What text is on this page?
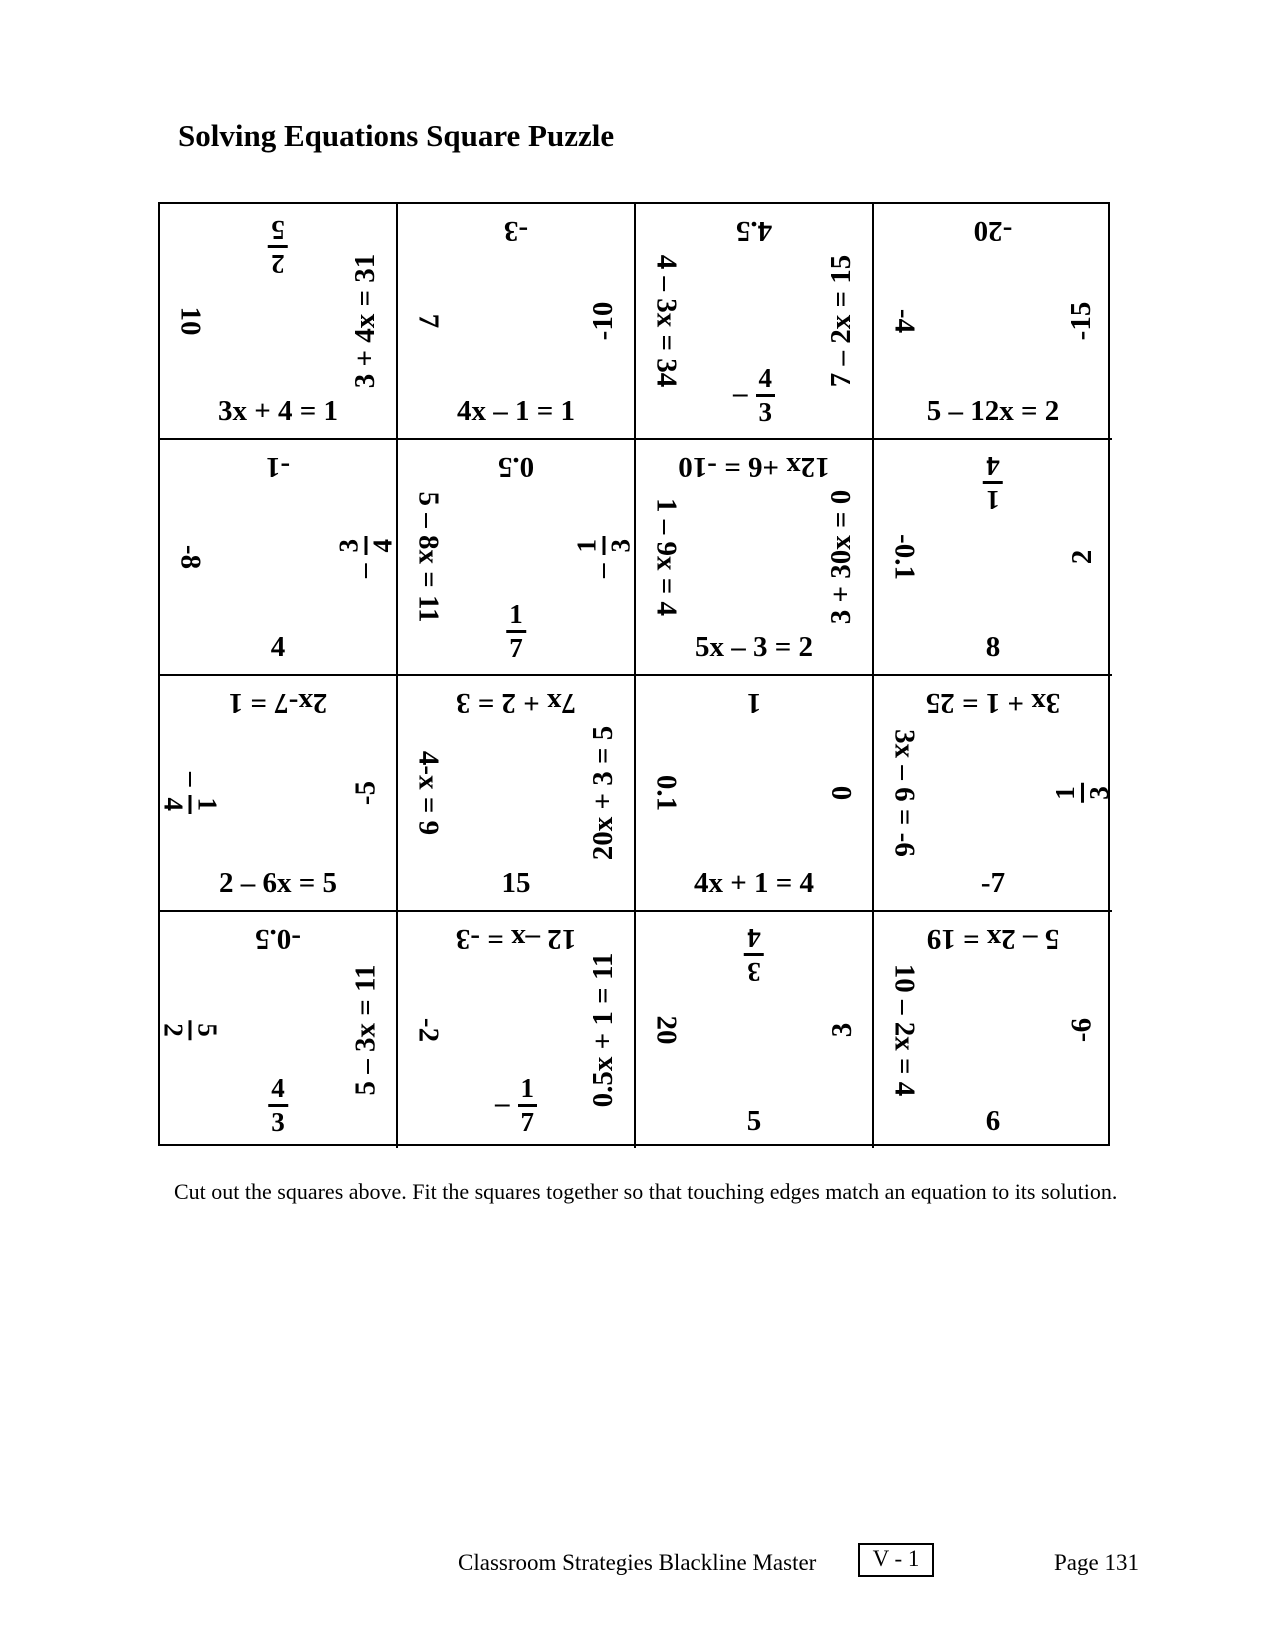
Solving Equations Square Puzzle
3x + 4 = 1
2
5
10	3 + 4x = 31
4x – 1 = 1
-3
7	-10
– $\frac{4}{3}$
4.5
4 – 3x = 34	7 – 2x = 15
5 – 12x = 2
-20
-4	-15
4
-1
-8
–
3 4
$\frac{1}{7}$
0.5
5 – 8x = 11	–
1 3
5x – 3 = 2
12x +6 = -10
1 – 9x = 4	3 + 30x = 0
8
1
4
-0.1	2
2 – 6x = 5
2x-7 = 1
–
1
4	-5
15
7x + 2 = 3
4-x = 9	20x + 3 = 5
4x + 1 = 4
1
0.1	0
-7
3x + 1 = 25
3x – 6 = -6	1 3
$\frac{4}{3}$
-0.5
5
2	5 – 3x = 11
– $\frac{1}{7}$
12 –x = -3
-2	0.5x + 1 = 11
5
3
4
20	3
6
5 – 2x = 19
10 – 2x = 4	-6
Cut out the squares above. Fit the squares together so that touching edges match an equation to its solution.
Classroom Strategies Blackline Master	V - 1	Page 131
